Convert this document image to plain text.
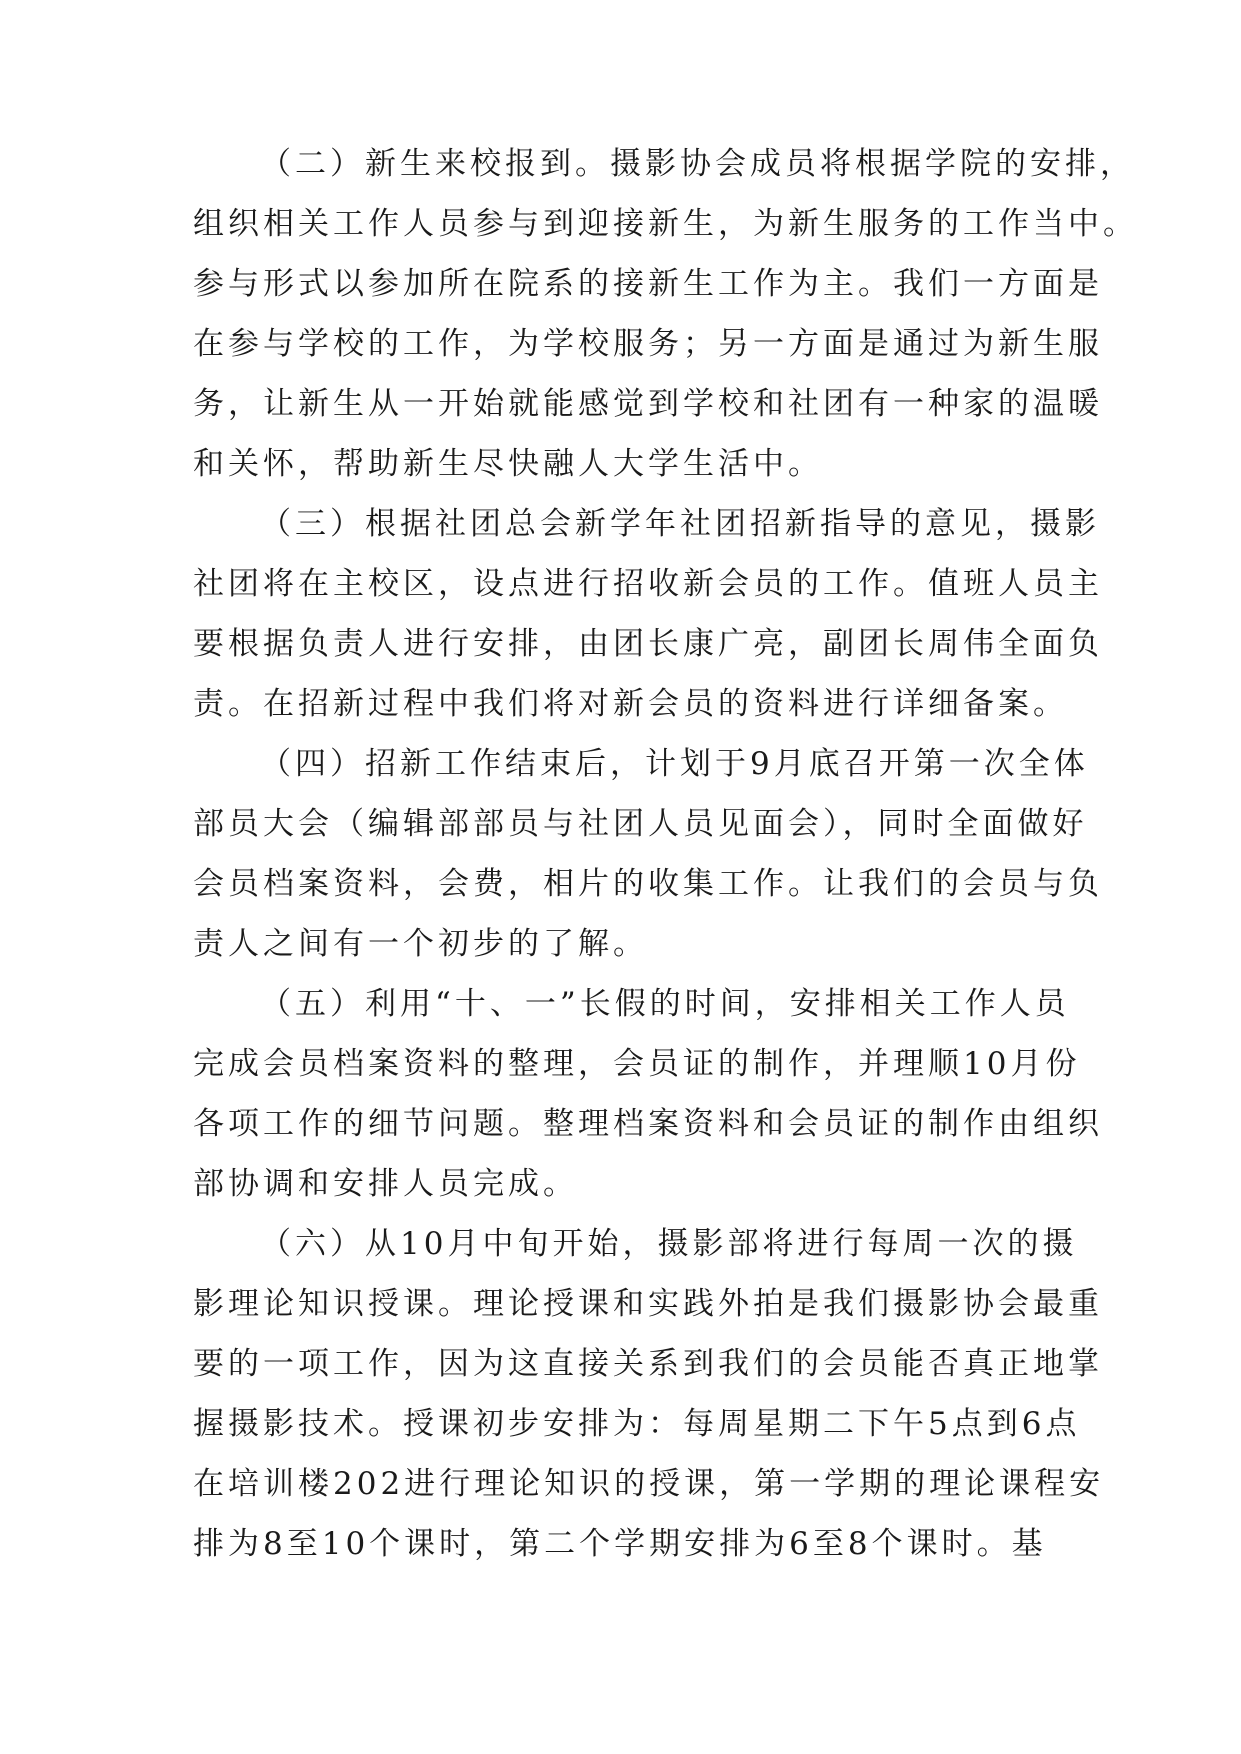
（二）新生来校报到。摄影协会成员将根据学院的安排，
组织相关工作人员参与到迎接新生，为新生服务的工作当中。
参与形式以参加所在院系的接新生工作为主。我们一方面是
在参与学校的工作，为学校服务；另一方面是通过为新生服
务，让新生从一开始就能感觉到学校和社团有一种家的温暖
和关怀，帮助新生尽快融人大学生活中。
（三）根据社团总会新学年社团招新指导的意见，摄影
社团将在主校区，设点进行招收新会员的工作。值班人员主
要根据负责人进行安排，由团长康广亮，副团长周伟全面负
责。在招新过程中我们将对新会员的资料进行详细备案。
（四）招新工作结束后，计划于9月底召开第一次全体
部员大会（编辑部部员与社团人员见面会），同时全面做好
会员档案资料，会费，相片的收集工作。让我们的会员与负
责人之间有一个初步的了解。
（五）利用“十、一”长假的时间，安排相关工作人员
完成会员档案资料的整理，会员证的制作，并理顺10月份
各项工作的细节问题。整理档案资料和会员证的制作由组织
部协调和安排人员完成。
（六）从10月中旬开始，摄影部将进行每周一次的摄
影理论知识授课。理论授课和实践外拍是我们摄影协会最重
要的一项工作，因为这直接关系到我们的会员能否真正地掌
握摄影技术。授课初步安排为：每周星期二下午5点到6点
在培训楼202进行理论知识的授课，第一学期的理论课程安
排为8至10个课时，第二个学期安排为6至8个课时。基
